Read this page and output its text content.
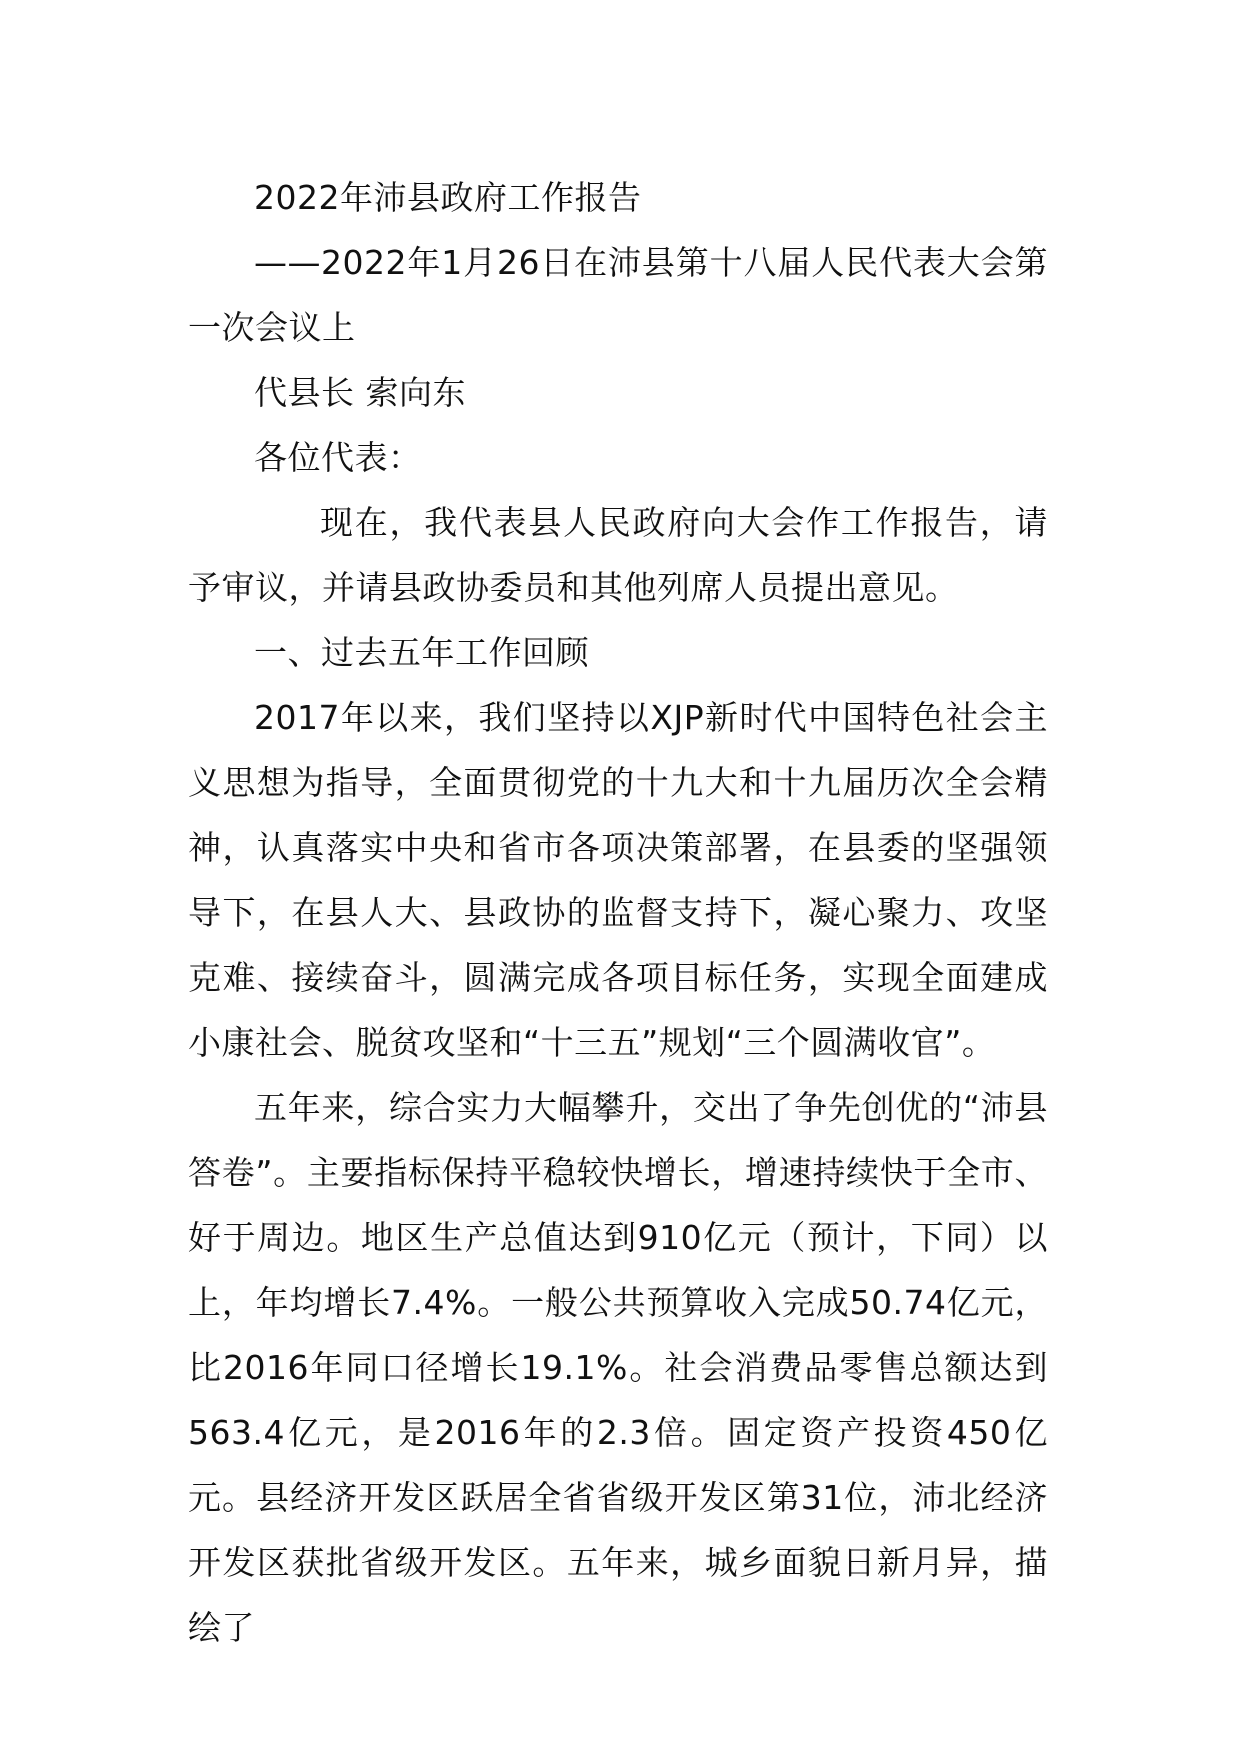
2022年沛县政府工作报告

——2022年1月26日在沛县第十八届人民代表大会第一次会议上

代县长 索向东

各位代表：

现在，我代表县人民政府向大会作工作报告，请予审议，并请县政协委员和其他列席人员提出意见。

一、过去五年工作回顾

2017年以来，我们坚持以XJP新时代中国特色社会主义思想为指导，全面贯彻党的十九大和十九届历次全会精神，认真落实中央和省市各项决策部署，在县委的坚强领导下，在县人大、县政协的监督支持下，凝心聚力、攻坚克难、接续奋斗，圆满完成各项目标任务，实现全面建成小康社会、脱贫攻坚和“十三五”规划“三个圆满收官”。

五年来，综合实力大幅攀升，交出了争先创优的“沛县答卷”。主要指标保持平稳较快增长，增速持续快于全市、好于周边。地区生产总值达到910亿元（预计，下同）以上，年均增长7.4%。一般公共预算收入完成50.74亿元，比2016年同口径增长19.1%。社会消费品零售总额达到563.4亿元，是2016年的2.3倍。固定资产投资450亿元。县经济开发区跃居全省省级开发区第31位，沛北经济开发区获批省级开发区。五年来，城乡面貌日新月异，描绘了
